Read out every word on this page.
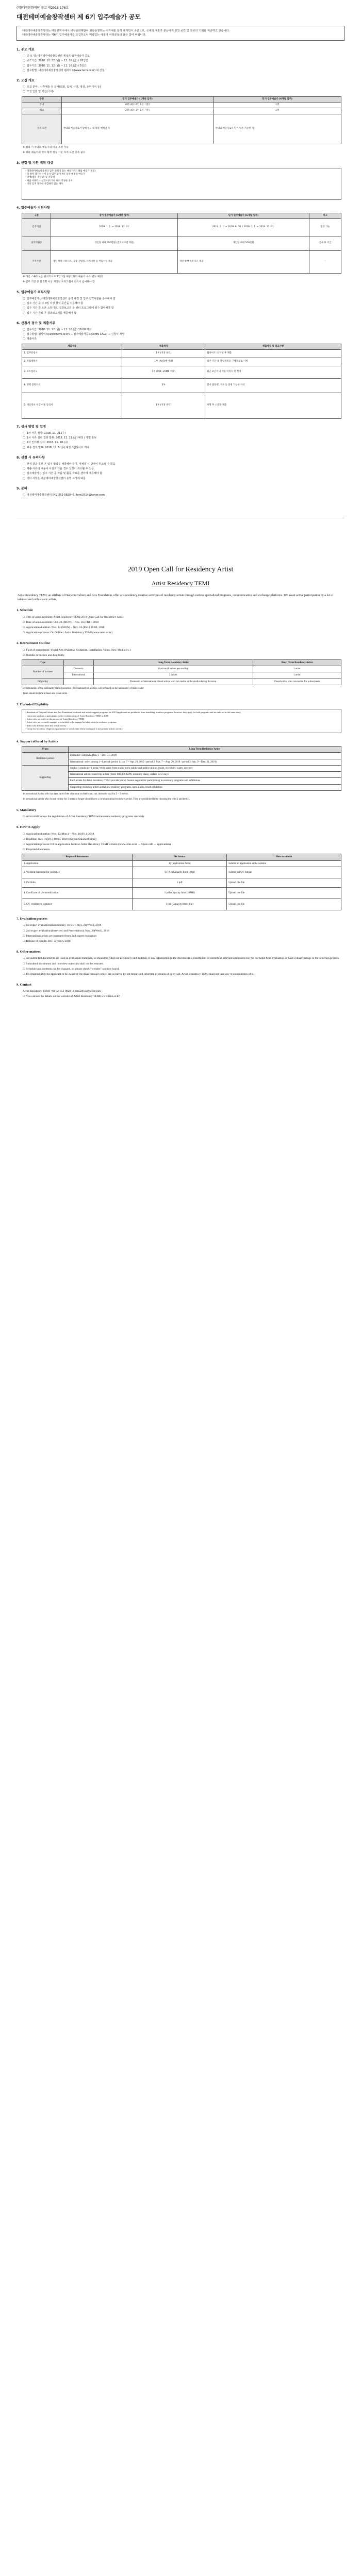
(재)대전문화재단 공고 제2018-176호
대전테미예술창작센터 제 6기 입주예술가 공모

대전테미예술창작센터는 대전광역시에서 대전문화재단이 위탁운영하는 시각예술 창작 레지던시 공간으로, 국내외 예술가 분들에게 창작 공간 및 교류의 기회를 제공하고 있습니다.

대전테미예술창작센터는 제6기 입주예술가를 모집하오니 역량있는 예술가 여러분들의 많은 참여 바랍니다.

1. 공모 개요
□ 공 모 명: 대전테미예술창작센터 제 6기 입주예술가 공모
□ 공모기간: 2018. 10. 22.(월) ~ 11. 16.(금) / 26일간
□ 접수기간: 2018. 11. 12.(월) ~ 11. 16.(금) / 5일간
□ 접수방법: 대전테미예술창작센터 웹사이트(www.temi.or.kr) 내 신청
2. 모집 개요
□ 모집 분야 : 시각예술 전 분야(회화, 입체, 사진, 영상, 뉴미디어 등)
□ 모집 인원 및 기간(국내)
구분	장기 입주예술가 (1개년 입주)	단기 입주예술가 (6개월 입주)
국내	8명 (최소 6인 1실 기준)	1명
해외	2명 (최소 3인 1실 기준)	1명
자격 요건	국내외 예술가로서 당해 연도 내 활동 예정인 자	국내외 예술가로서 단기 입주 가능한 자
※ 협의 시 국내외 예술가의 비율 조정 가능
※ 해외 예술가의 경우 왕복 항공 기준 자격 요건 충족 필수
3. 선정 및 지원 제외 대상
- 대전테미예술창작센터 입주 경력이 있는 예술가(단, 해외 예술가 제외)
- 타 창작 레지던시에 동시 입주 중이거나 입주 예정인 예술가
- 학생(대학 재학생) 및 휴학생
- 제출 서류가 사실과 다르거나 허위 작성한 경우
- 기타 입주 목적에 부합하지 않는 경우
4. 입주예술가 지원사항
구분	장기 입주예술가 (1개년 입주)	단기 입주예술가 (6개월 입주)	비고
입주기간	2019. 1. 1. ~ 2019. 12. 31.	2019. 1. 1. ~ 2019. 6. 30. / 2019. 7. 1. ~ 2019. 12. 31.	협의 가능
창작지원금	개인당 최대 200만원 (결과보고전 지원)	개인당 최대 100만원	심사 후 지급
지원사항	개인 창작 스튜디오, 공용 작업실, 세미나실 등 편의시설 제공	개인 창작 스튜디오 제공	-
※ 개인 스튜디오는 원칙적으로 1인 1실 제공 (해외 예술가 숙소 별도 제공)
※ 입주 기간 중 월 1회 이상 지정된 프로그램에 반드시 참여해야 함
5. 입주예술가 의무사항
□ 입주예술가는 대전테미예술창작센터 운영 규정 및 입주 협약사항을 준수해야 함
□ 입주 기간 중 주 4일 이상 창작 공간을 이용해야 함
□ 입주 기간 중 오픈 스튜디오, 결과보고전 등 센터 프로그램에 필수 참여해야 함
□ 입주 기간 종료 후 결과보고서를 제출해야 함
6. 신청서 접수 및 제출서류
□ 접수기간: 2018. 11. 12.(월) ~ 11. 16.(금) 18:00 까지
□ 접수방법: 웹사이트(www.temi.or.kr) → 입주예술가공모(OPEN CALL) → 신청서 작성
□ 제출서류
제출서류	제출형식	제출방식 및 참고사항
1. 입주신청서	1부 (지정 양식)	웹사이트 내 작성 후 제출
2. 작업계획서	1부 (A4 5매 이내)	입주 기간 중 작업계획을 구체적으로 기재
3. 포트폴리오	1부 (PDF, 20MB 이내)	최근 3년 이내 작품 이미지 및 설명
4. 경력 증빙자료	1부	전시 팜플렛, 기사 등 증빙 가능한 자료
5. 개인정보 수집·이용 동의서	1부 (지정 양식)	서명 후 스캔본 제출
7. 심사 방법 및 일정
□ 1차 서류 심사: 2018. 11. 21.(수)
□ 1차 서류 심사 결과 발표: 2018. 11. 23.(금) 예정 / 개별 통보
□ 2차 인터뷰 심사: 2018. 11. 28.(수)
□ 최종 결과 발표: 2018. 12. 5.(수) 예정 / 웹사이트 게시
8. 선정 시 유의사항
□ 선정 결과 통보 후 입주 협약을 체결해야 하며, 미체결 시 선정이 취소될 수 있음
□ 제출 서류의 내용이 사실과 다를 경우 선정이 취소될 수 있음
□ 입주예술가는 입주 기간 중 작품 및 활동 자료를 센터에 제공해야 함
□ 기타 사항은 대전테미예술창작센터 운영 규정에 따름
9. 문의
□ 대전테미예술창작센터 042)252-0820~3, temi2014@naver.com
2019 Open Call for Residency Artist
Artist Residency TEMI
Artist Residency TEMI, an affiliate of Daejeon Culture and Arts Foundation, offer arts residency creative activities of residency artists through various specialized programs, communication and exchange platforms. We await active participation by a lot of talented and enthusiastic artists.
1. Schedule
□ Title of announcement: Artist Residency TEMI 2019 Open Call for Residency Artist
□ Date of announcement: Oct. 22.(MON) ~ Nov. 16.(FRI.), 2018
□ Application duration: Nov. 12.(MON) ~ Nov. 16.(FRI.) 18:00, 2018
□ Application process: On Online / Artist Residency TEMI (www.temi.or.kr)
2. Recruitment Outline
□ Field of recruitment: Visual Arts (Painting, Sculpture, Installation, Video, New Media etc.)
□ Number of invitee and Eligibility
Type		Long Term Residency Artist	Short Term Residency Artist
Number of invitees	Domestic	8 artists (6 artists per studio)	1 artist
	International	2 artists	1 artist
Eligibility		Domestic or international visual artists who can reside in the studio during the term	Visual artists who can reside for a short term
Determination of the nationality status (domestic / international) of invitees will be based on the nationality of team leader
Team should include at least one visual artist.
3. Excluded Eligibility
- Residents of Daejeon Culture and Arts Foundation's cultural and artistic support programs for 2019 (applicants are prohibited from benefiting from two programs; however, they apply for both programs and are selected at the same time)
- University students, a participants in the resident artists of Artist Residency TEMI in 2018
- Artists who are not fit to the purpose of Artist Residency TEMI
- Artists who are currently engaged or scheduled to be engaged in other artists in residence programs
- Artist who does not have any actual activity
- Group run by artists, religious organization or social clubs whose main goal is not genuine artistic activity
4. Support offered by Artists
Types	Long Term Residency Artist
Residence period	Domestic: 12months (Jan. 1 ~ Dec. 31, 2019)
	International: select among 1~4 period (period 1: Jan. 7 ~ Apr. 29, 2019 / period 2: Mar. 7 ~ Aug. 29, 2019 / period 3: Sep. 9 ~ Dec. 31, 2019)
Supporting	Studio: 1 studio per 1 artist, Work space from studio to the public and public utilities (toilet, electricity, water, internet)
	International artists: round-trip airfare (limit: 800,000 KRW, economy class), airfare for 2 ways
	Each artists for Artist Residency TEMI provide partial finance support for participating in residency programs and exhibitions
	Supporting residency artist's activities, residency programs, open studio, result exhibition
※ International Artists who can take care of the visa issue on their own, can choose to stay for 2 ~ 3 weeks.
※ International artists who choose to stay for 3 terms or longer should have a communication/residency period. They are prohibited from choosing the term 2 and term 3.
5. Mandatory
□ Artist shall follow the regulations of Artist Residency TEMI and execute residency programs sincerely
6. How to Apply
□ Application duration: Nov. 12(Mon.) ~ Nov. 16(Fri.), 2018
□ Deadline: Nov. 16(Fri.) 18:00, 2018 (Korean Standard Time)
□ Application process: fill in application form on Artist Residency TEMI website (www.temi.or.kr → Open call → application)
□ Required documents
Required documents	file format	How to submit
1. Application	1p (application form)	Submit on application at the website
2. Working statement for residency	1p (A4 (Capacity limit: 10p))	Submit in PDF format
3. Portfolio	1 pdf	Upload one file
4. Certificate of Un-identification	1 pdf (Capacity limit: 20MB)	Upload one file
5. CV, residency's signature	1 pdf (Capacity limit: 10p)	Upload one file
7. Evaluation process
□ 1st expert evaluation(documentary review): Nov. 21(Wed.), 2018
□ 2nd expert evaluation(interview and Presentation): Nov. 28(Wed.), 2018
□ International artists are exempted from 2nd expert evaluation
□ Release of results: Dec. 5(Wed.), 2018
8. Other matters
□ All submitted documents are used in evaluation materials, so should be filled out accurately and in detail. If any information in the documents is insufficient or untruthful, relevant applicants may be excluded from evaluation or have a disadvantage in the selection process.
□ Submitted documents and interview materials shall not be returned.
□ Schedule and contents can be changed, so please check "website" a notice board.
□ It's responsibility for applicant to be aware of the disadvantages which are occurred by not being well informed of details of open call. Artist Residency TEMI shall not take any responsibilities of it.
9. Contact
Artist Residency TEMI +82-42-252-0820~3, temi2014@naver.com
□ You can see the details on the website of Artist Residency TEMI(www.temi.or.kr)
